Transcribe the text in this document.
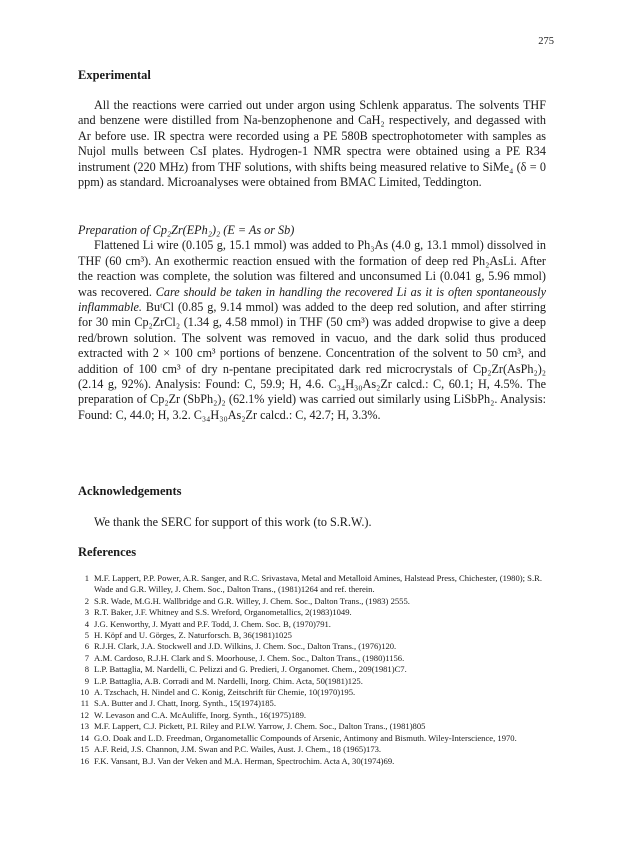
275
Experimental

All the reactions were carried out under argon using Schlenk apparatus. The solvents THF and benzene were distilled from Na-benzophenone and CaH₂ respectively, and degassed with Ar before use. IR spectra were recorded using a PE 580B spectrophotometer with samples as Nujol mulls between CsI plates. Hydrogen-1 NMR spectra were obtained using a PE R34 instrument (220 MHz) from THF solutions, with shifts being measured relative to SiMe₄ (δ = 0 ppm) as standard. Microanalyses were obtained from BMAC Limited, Teddington.

Preparation of Cp₂Zr(EPh₂)₂ (E = As or Sb)

Flattened Li wire (0.105 g, 15.1 mmol) was added to Ph₃As (4.0 g, 13.1 mmol) dissolved in THF (60 cm³). An exothermic reaction ensued with the formation of deep red Ph₂AsLi. After the reaction was complete, the solution was filtered and unconsumed Li (0.041 g, 5.96 mmol) was recovered. Care should be taken in handling the recovered Li as it is often spontaneously inflammable. BuᵗCl (0.85 g, 9.14 mmol) was added to the deep red solution, and after stirring for 30 min Cp₂ZrCl₂ (1.34 g, 4.58 mmol) in THF (50 cm³) was added dropwise to give a deep red/brown solution. The solvent was removed in vacuo, and the dark solid thus produced extracted with 2 × 100 cm³ portions of benzene. Concentration of the solvent to 50 cm³, and addition of 100 cm³ of dry n-pentane precipitated dark red microcrystals of Cp₂Zr(AsPh₂)₂ (2.14 g, 92%). Analysis: Found: C, 59.9; H, 4.6. C₃₄H₃₀As₂Zr calcd.: C, 60.1; H, 4.5%. The preparation of Cp₂Zr (SbPh₂)₂ (62.1% yield) was carried out similarly using LiSbPh₂. Analysis: Found: C, 44.0; H, 3.2. C₃₄H₃₀As₂Zr calcd.: C, 42.7; H, 3.3%.

Acknowledgements

We thank the SERC for support of this work (to S.R.W.).

References
1 M.F. Lappert, P.P. Power, A.R. Sanger, and R.C. Srivastava, Metal and Metalloid Amines, Halstead Press, Chichester, (1980); S.R. Wade and G.R. Willey, J. Chem. Soc., Dalton Trans., (1981)1264 and ref. therein.
2 S.R. Wade, M.G.H. Wallbridge and G.R. Willey, J. Chem. Soc., Dalton Trans., (1983) 2555.
3 R.T. Baker, J.F. Whitney and S.S. Wreford, Organometallics, 2(1983)1049.
4 J.G. Kenworthy, J. Myatt and P.F. Todd, J. Chem. Soc. B, (1970)791.
5 H. Köpf and U. Görges, Z. Naturforsch. B, 36(1981)1025
6 R.J.H. Clark, J.A. Stockwell and J.D. Wilkins, J. Chem. Soc., Dalton Trans., (1976)120.
7 A.M. Cardoso, R.J.H. Clark and S. Moorhouse, J. Chem. Soc., Dalton Trans., (1980)1156.
8 L.P. Battaglia, M. Nardelli, C. Pelizzi and G. Predieri, J. Organomet. Chem., 209(1981)C7.
9 L.P. Battaglia, A.B. Corradi and M. Nardelli, Inorg. Chim. Acta, 50(1981)125.
10 A. Tzschach, H. Nindel and C. Konig, Zeitschrift für Chemie, 10(1970)195.
11 S.A. Butter and J. Chatt, Inorg. Synth., 15(1974)185.
12 W. Levason and C.A. McAuliffe, Inorg. Synth., 16(1975)189.
13 M.F. Lappert, C.J. Pickett, P.I. Riley and P.I.W. Yarrow, J. Chem. Soc., Dalton Trans., (1981)805
14 G.O. Doak and L.D. Freedman, Organometallic Compounds of Arsenic, Antimony and Bismuth. Wiley-Interscience, 1970.
15 A.F. Reid, J.S. Channon, J.M. Swan and P.C. Wailes, Aust. J. Chem., 18 (1965)173.
16 F.K. Vansant, B.J. Van der Veken and M.A. Herman, Spectrochim. Acta A, 30(1974)69.
